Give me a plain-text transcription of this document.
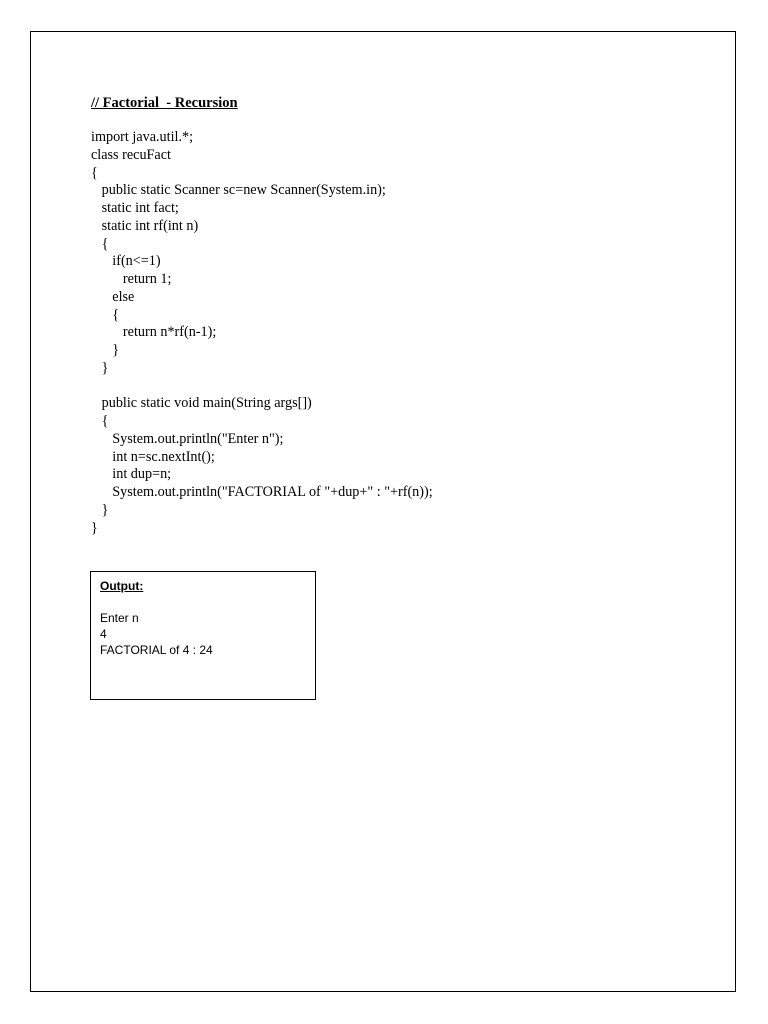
// Factorial  - Recursion
import java.util.*;
class recuFact
{
public static Scanner sc=new Scanner(System.in);
static int fact;
static int rf(int n)
{
if(n<=1)
return 1;
else
{
return n*rf(n-1);
}
}
public static void main(String args[])
{
System.out.println("Enter n");
int n=sc.nextInt();
int dup=n;
System.out.println("FACTORIAL of "+dup+" : "+rf(n));
}
}
Output:
Enter n
4
FACTORIAL of 4 : 24
